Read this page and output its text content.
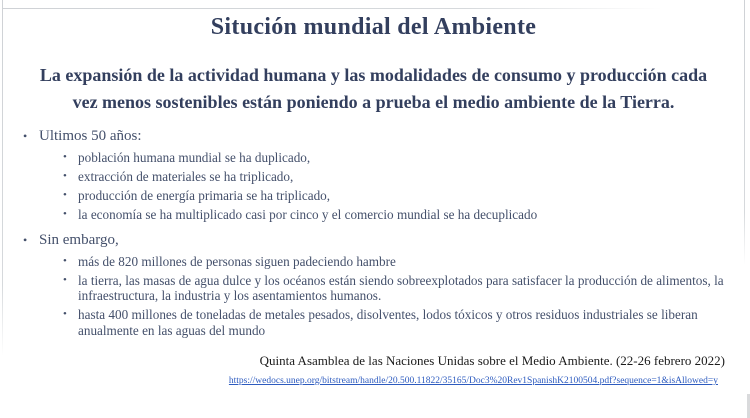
Situción mundial del Ambiente
La expansión de la actividad humana y las modalidades de consumo y producción cada vez menos sostenibles están poniendo a prueba el medio ambiente de la Tierra.
• Ultimos 50 años:
• población humana mundial se ha duplicado,
• extracción de materiales se ha triplicado,
• producción de energía primaria se ha triplicado,
• la economía se ha multiplicado casi por cinco y el comercio mundial se ha decuplicado
• Sin embargo,
• más de 820 millones de personas siguen padeciendo hambre
• la tierra, las masas de agua dulce y los océanos están siendo sobreexplotados para satisfacer la producción de alimentos, la infraestructura, la industria y los asentamientos humanos.
• hasta 400 millones de toneladas de metales pesados, disolventes, lodos tóxicos y otros residuos industriales se liberan anualmente en las aguas del mundo
Quinta Asamblea de las Naciones Unidas sobre el Medio Ambiente. (22-26 febrero 2022)
https://wedocs.unep.org/bitstream/handle/20.500.11822/35165/Doc3%20Rev1SpanishK2100504.pdf?sequence=1&isAllowed=y
